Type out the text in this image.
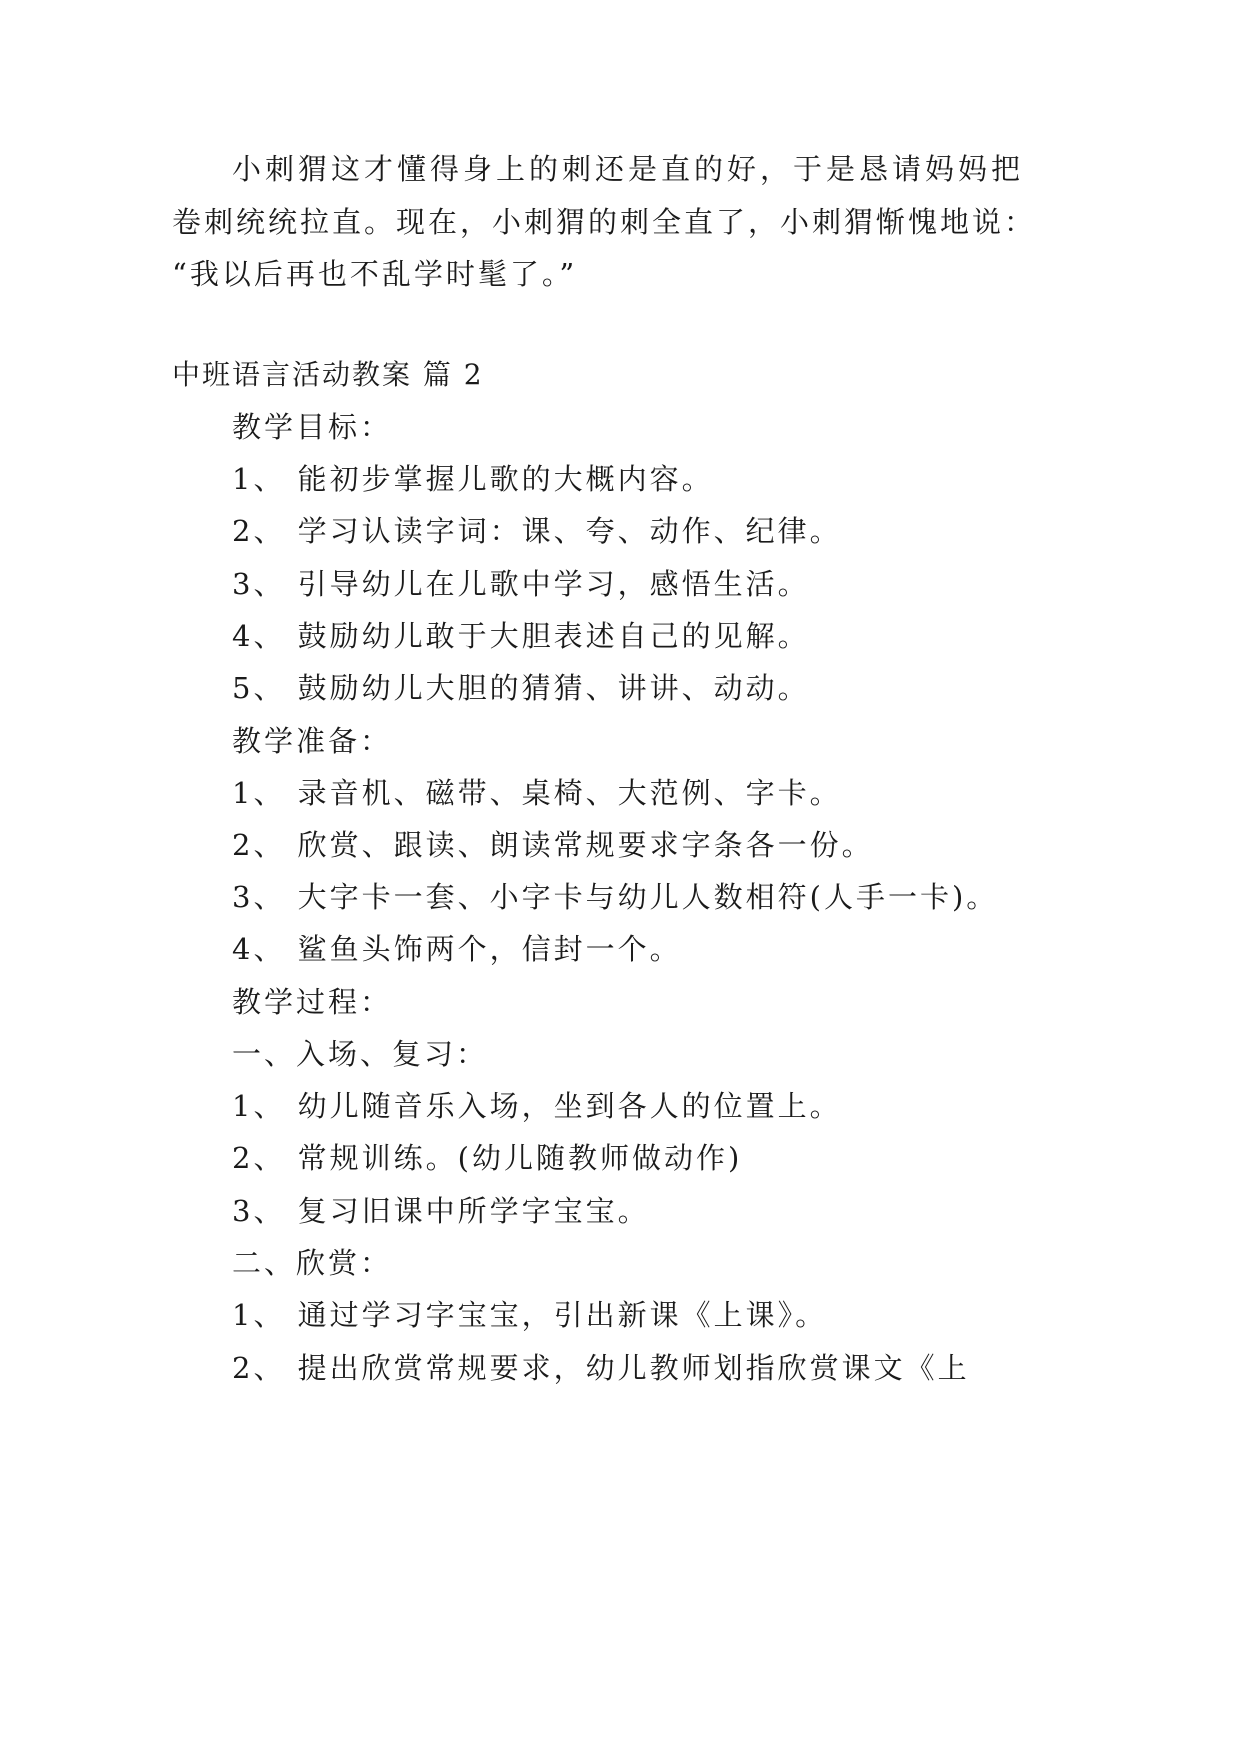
小刺猬这才懂得身上的刺还是直的好，于是恳请妈妈把
卷刺统统拉直。现在，小刺猬的刺全直了，小刺猬惭愧地说：
“我以后再也不乱学时髦了。”
中班语言活动教案 篇 2
教学目标：
1、 能初步掌握儿歌的大概内容。
2、 学习认读字词：课、夸、动作、纪律。
3、 引导幼儿在儿歌中学习，感悟生活。
4、 鼓励幼儿敢于大胆表述自己的见解。
5、 鼓励幼儿大胆的猜猜、讲讲、动动。
教学准备：
1、 录音机、磁带、桌椅、大范例、字卡。
2、 欣赏、跟读、朗读常规要求字条各一份。
3、 大字卡一套、小字卡与幼儿人数相符(人手一卡)。
4、 鲨鱼头饰两个，信封一个。
教学过程：
一、入场、复习：
1、 幼儿随音乐入场，坐到各人的位置上。
2、 常规训练。(幼儿随教师做动作)
3、 复习旧课中所学字宝宝。
二、欣赏：
1、 通过学习字宝宝，引出新课《上课》。
2、 提出欣赏常规要求，幼儿教师划指欣赏课文《上
